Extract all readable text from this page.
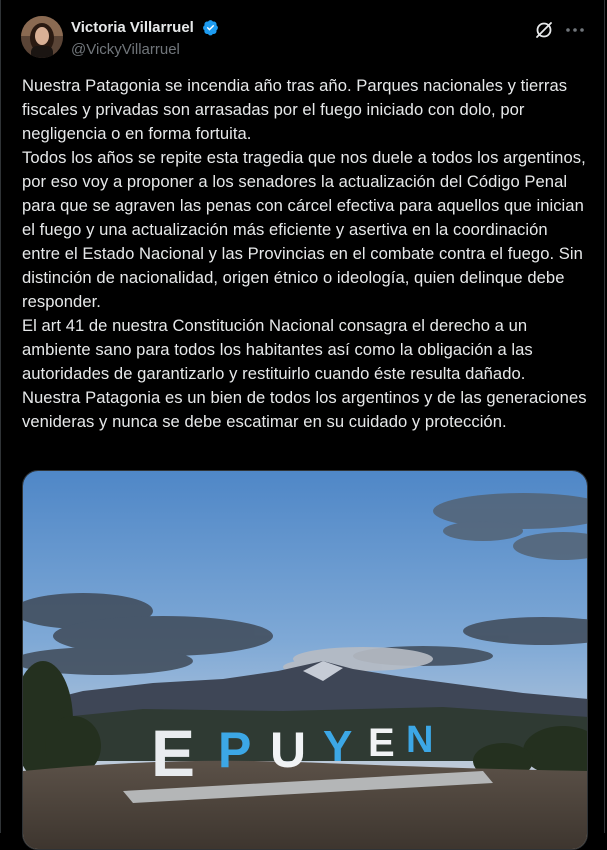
Victoria Villarruel
@VickyVillarruel
Nuestra Patagonia se incendia año tras año. Parques nacionales y tierras fiscales y privadas son arrasadas por el fuego iniciado con dolo, por negligencia o en forma fortuita.
Todos los años se repite esta tragedia que nos duele a todos los argentinos, por eso voy a proponer a los senadores la actualización del Código Penal para que se agraven las penas con cárcel efectiva para aquellos que inician el fuego y una actualización más eficiente y asertiva en la coordinación entre el Estado Nacional y las Provincias en el combate contra el fuego. Sin distinción de nacionalidad, origen étnico o ideología, quien delinque debe responder.
El art 41 de nuestra Constitución Nacional consagra el derecho a un ambiente sano para todos los habitantes así como la obligación a las autoridades de garantizarlo y restituirlo cuando éste resulta dañado.
Nuestra Patagonia es un bien de todos los argentinos y de las generaciones venideras y nunca se debe escatimar en su cuidado y protección.
E P U Y E N
